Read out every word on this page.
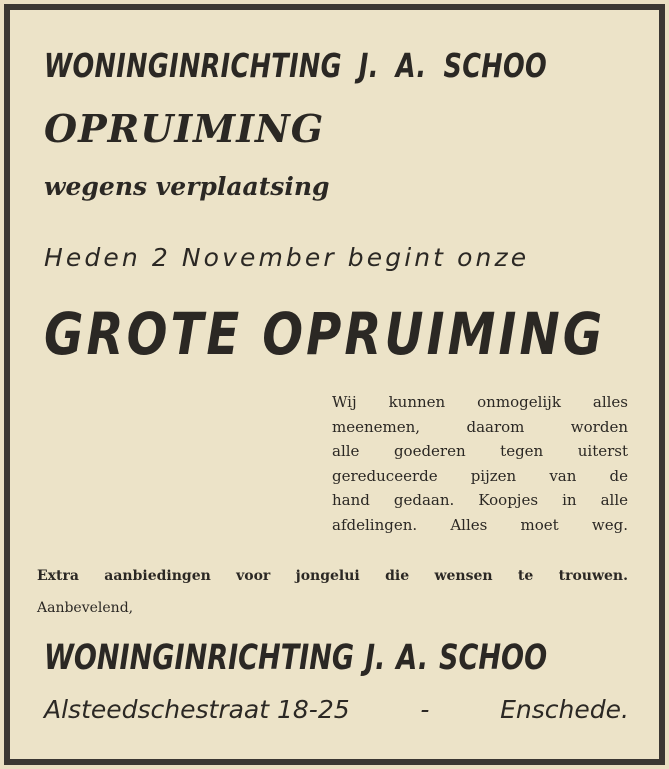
WONINGINRICHTING J. A. SCHOO

OPRUIMING

wegens verplaatsing

Heden 2 November begint onze

GROTE OPRUIMING

Wij kunnen onmogelijk alles
meenemen, daarom worden
alle goederen tegen uiterst
gereduceerde pijzen van de
hand gedaan. Koopjes in alle
afdelingen. Alles moet weg.

Extra aanbiedingen voor jongelui die wensen te trouwen.

Aanbevelend,

WONINGINRICHTING J. A. SCHOO

Alsteedschestraat 18-25	-	Enschede.
